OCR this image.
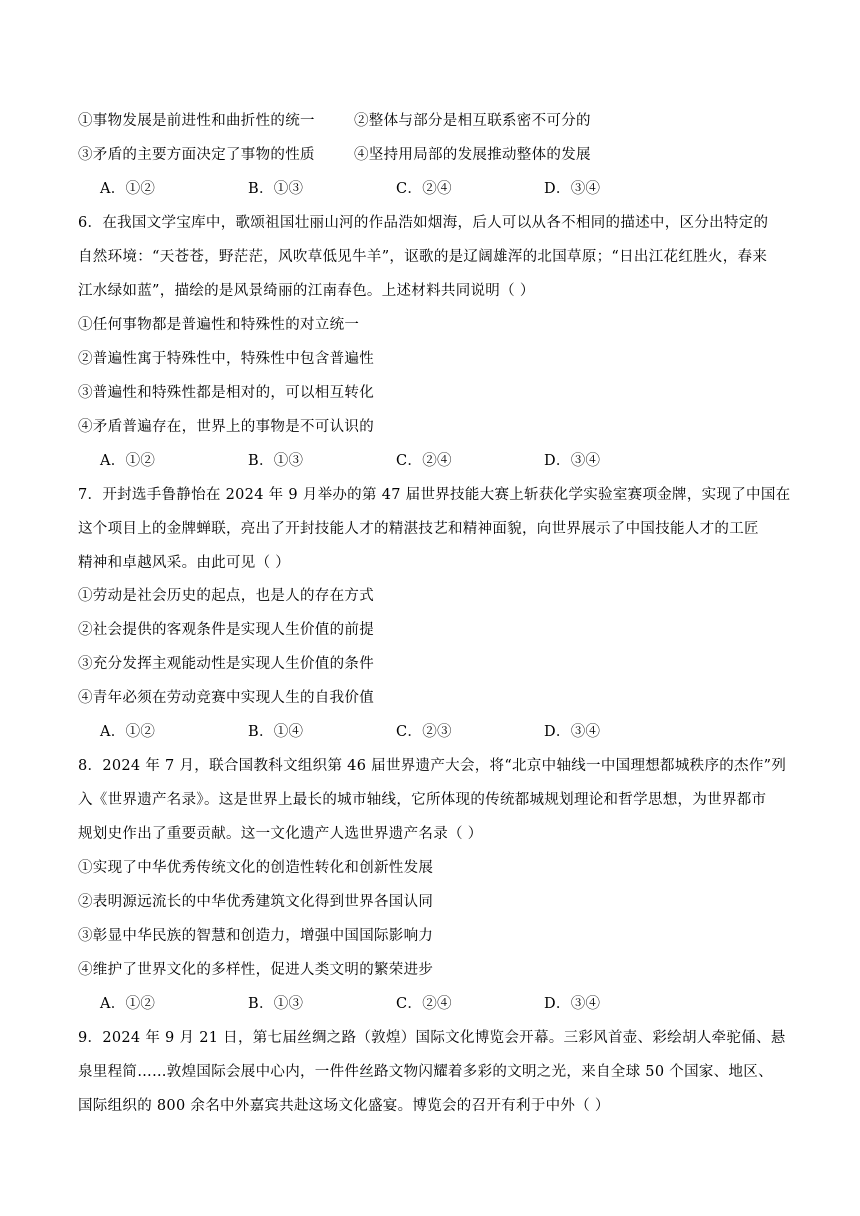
①事物发展是前进性和曲折性的统一	②整体与部分是相互联系密不可分的
③矛盾的主要方面决定了事物的性质	④坚持用局部的发展推动整体的发展
A．①②	B．①③	C．②④	D．③④
6．在我国文学宝库中，歌颂祖国壮丽山河的作品浩如烟海，后人可以从各不相同的描述中，区分出特定的
自然环境：“天苍苍，野茫茫，风吹草低见牛羊”，讴歌的是辽阔雄浑的北国草原；“日出江花红胜火，春来
江水绿如蓝”，描绘的是风景绮丽的江南春色。上述材料共同说明（ ）
①任何事物都是普遍性和特殊性的对立统一
②普遍性寓于特殊性中，特殊性中包含普遍性
③普遍性和特殊性都是相对的，可以相互转化
④矛盾普遍存在，世界上的事物是不可认识的
A．①②	B．①③	C．②④	D．③④
7．开封选手鲁静怡在 2024 年 9 月举办的第 47 届世界技能大赛上斩获化学实验室赛项金牌，实现了中国在
这个项目上的金牌蝉联，亮出了开封技能人才的精湛技艺和精神面貌，向世界展示了中国技能人才的工匠
精神和卓越风采。由此可见（ ）
①劳动是社会历史的起点，也是人的存在方式
②社会提供的客观条件是实现人生价值的前提
③充分发挥主观能动性是实现人生价值的条件
④青年必须在劳动竞赛中实现人生的自我价值
A．①②	B．①④	C．②③	D．③④
8．2024 年 7 月，联合国教科文组织第 46 届世界遗产大会，将“北京中轴线一中国理想都城秩序的杰作”列
入《世界遗产名录》。这是世界上最长的城市轴线，它所体现的传统都城规划理论和哲学思想，为世界都市
规划史作出了重要贡献。这一文化遗产人选世界遗产名录（ ）
①实现了中华优秀传统文化的创造性转化和创新性发展
②表明源远流长的中华优秀建筑文化得到世界各国认同
③彰显中华民族的智慧和创造力，增强中国国际影响力
④维护了世界文化的多样性，促进人类文明的繁荣进步
A．①②	B．①③	C．②④	D．③④
9．2024 年 9 月 21 日，第七届丝绸之路（敦煌）国际文化博览会开幕。三彩风首壶、彩绘胡人牵驼俑、悬
泉里程简……敦煌国际会展中心内，一件件丝路文物闪耀着多彩的文明之光，来自全球 50 个国家、地区、
国际组织的 800 余名中外嘉宾共赴这场文化盛宴。博览会的召开有利于中外（ ）
